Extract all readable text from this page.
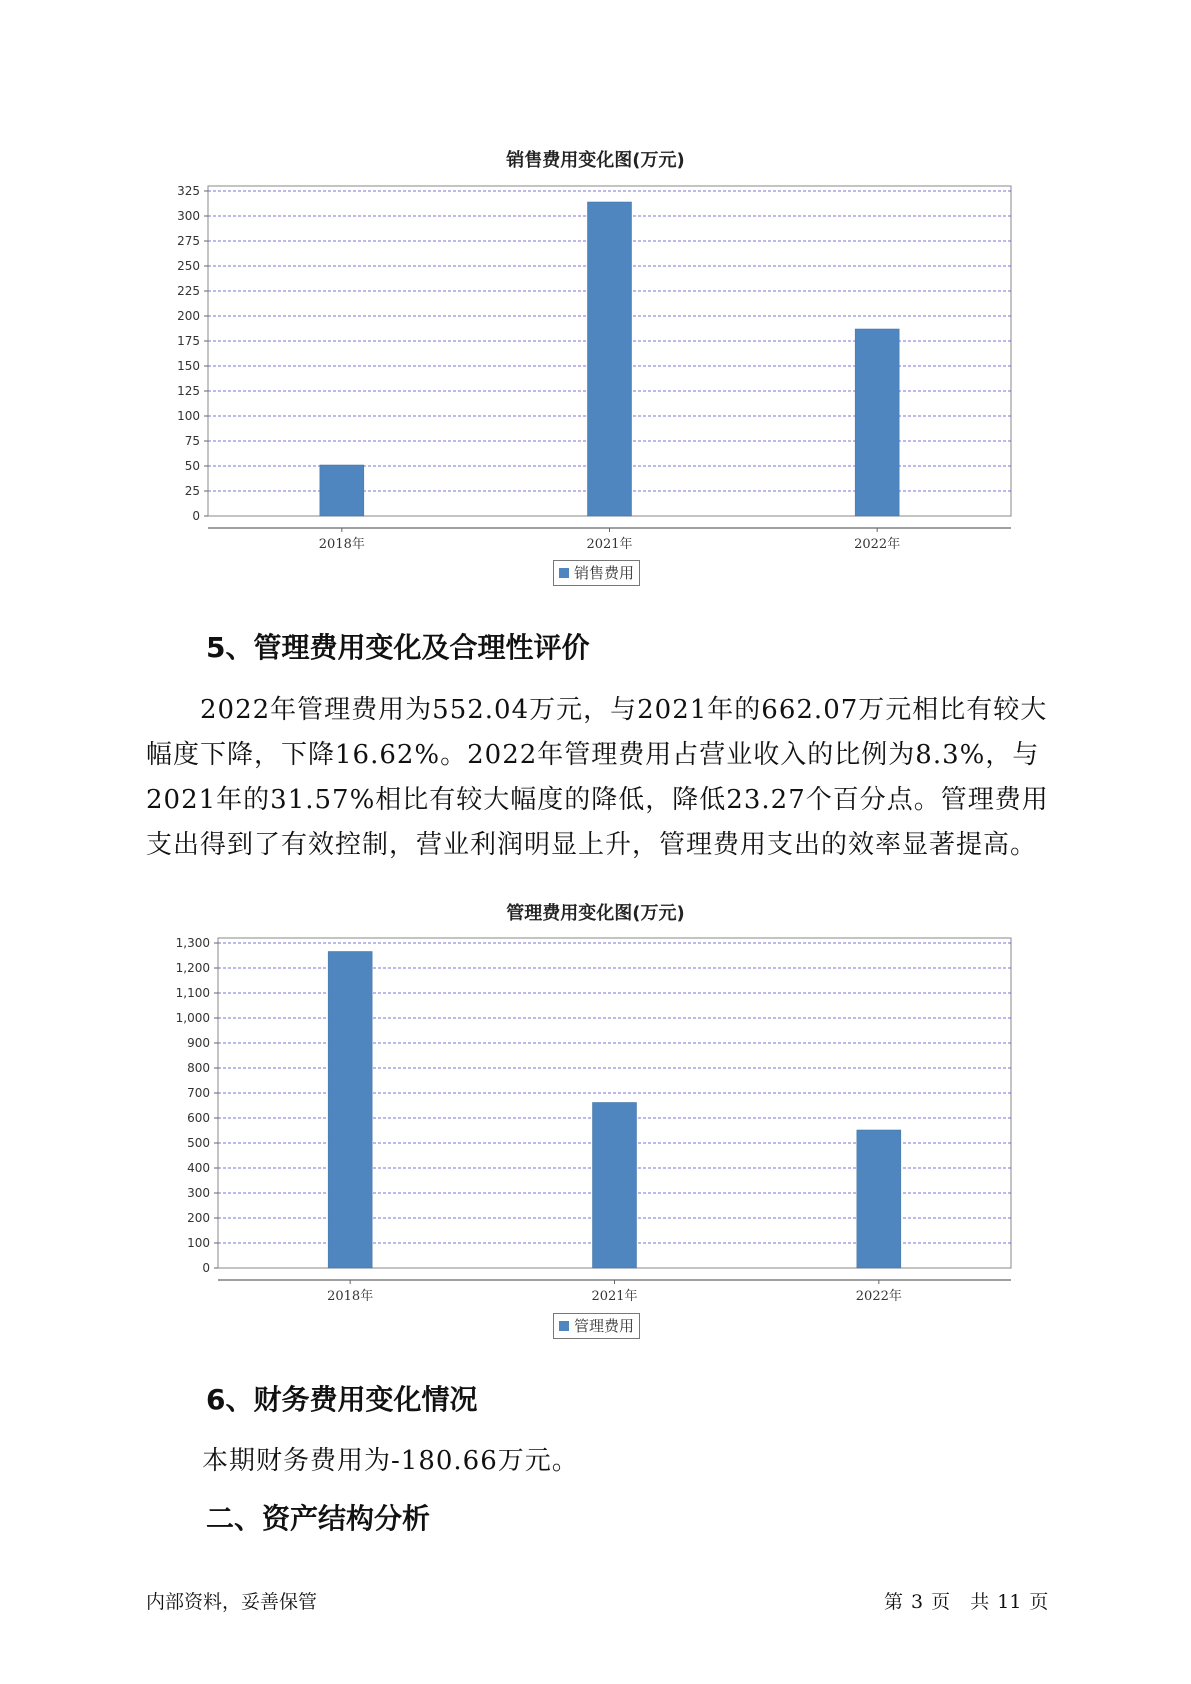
销售费用变化图(万元)
0
25
50
75
100
125
150
175
200
225
250
275
300
325
2018年	2021年	2022年
销售费用
5、管理费用变化及合理性评价

2022年管理费用为552.04万元，与2021年的662.07万元相比有较大幅度下降，下降16.62%。2022年管理费用占营业收入的比例为8.3%，与2021年的31.57%相比有较大幅度的降低，降低23.27个百分点。管理费用支出得到了有效控制，营业利润明显上升，管理费用支出的效率显著提高。

管理费用变化图(万元)
0
100
200
300
400
500
600
700
800
900
1,000
1,100
1,200
1,300
2018年	2021年	2022年
管理费用
6、财务费用变化情况

本期财务费用为-180.66万元。

二、资产结构分析
内部资料，妥善保管	第 3 页 共 11 页
